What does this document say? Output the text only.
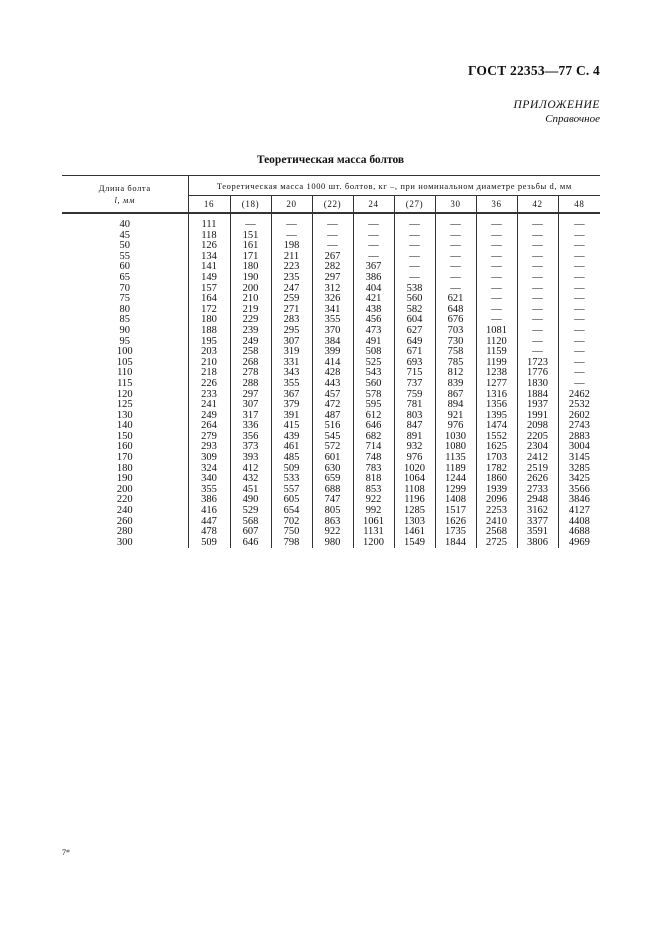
ГОСТ 22353—77 С. 4
ПРИЛОЖЕНИЕ
Справочное
Теоретическая масса болтов
Длина болта
l, мм	Теоретическая масса 1000 шт. болтов, кг –, при номинальном диаметре резьбы d, мм									
	16	(18)	20	(22)	24	(27)	30	36	42	48

40	111	—	—	—	—	—	—	—	—	—
45	118	151	—	—	—	—	—	—	—	—
50	126	161	198	—	—	—	—	—	—	—
55	134	171	211	267	—	—	—	—	—	—
60	141	180	223	282	367	—	—	—	—	—
65	149	190	235	297	386	—	—	—	—	—
70	157	200	247	312	404	538	—	—	—	—
75	164	210	259	326	421	560	621	—	—	—
80	172	219	271	341	438	582	648	—	—	—
85	180	229	283	355	456	604	676	—	—	—
90	188	239	295	370	473	627	703	1081	—	—
95	195	249	307	384	491	649	730	1120	—	—
100	203	258	319	399	508	671	758	1159	—	—
105	210	268	331	414	525	693	785	1199	1723	—
110	218	278	343	428	543	715	812	1238	1776	—
115	226	288	355	443	560	737	839	1277	1830	—
120	233	297	367	457	578	759	867	1316	1884	2462
125	241	307	379	472	595	781	894	1356	1937	2532
130	249	317	391	487	612	803	921	1395	1991	2602
140	264	336	415	516	646	847	976	1474	2098	2743
150	279	356	439	545	682	891	1030	1552	2205	2883
160	293	373	461	572	714	932	1080	1625	2304	3004
170	309	393	485	601	748	976	1135	1703	2412	3145
180	324	412	509	630	783	1020	1189	1782	2519	3285
190	340	432	533	659	818	1064	1244	1860	2626	3425
200	355	451	557	688	853	1108	1299	1939	2733	3566
220	386	490	605	747	922	1196	1408	2096	2948	3846
240	416	529	654	805	992	1285	1517	2253	3162	4127
260	447	568	702	863	1061	1303	1626	2410	3377	4408
280	478	607	750	922	1131	1461	1735	2568	3591	4688
300	509	646	798	980	1200	1549	1844	2725	3806	4969
7*
